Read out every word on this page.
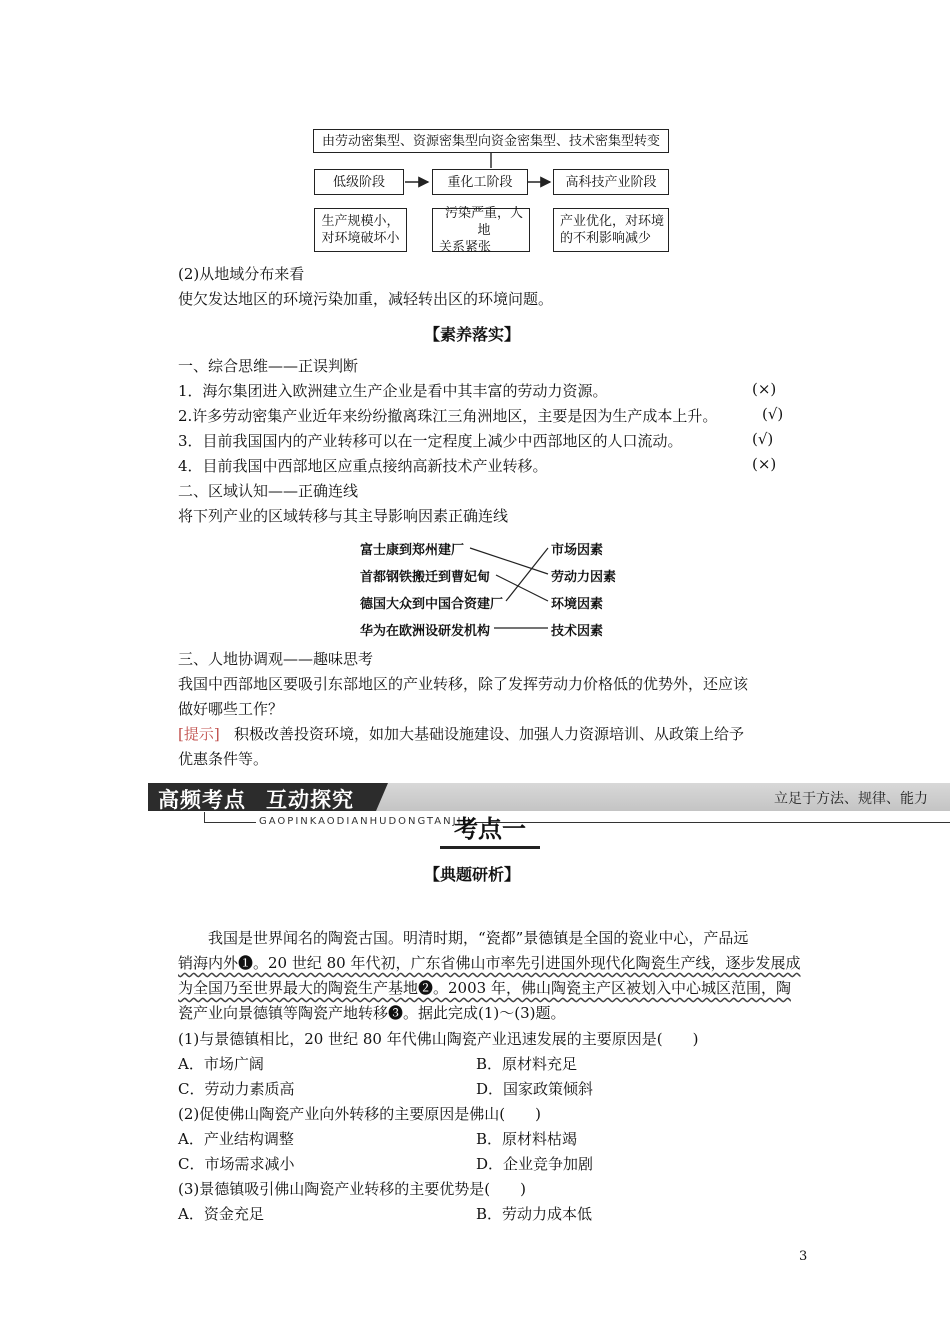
由劳动密集型、资源密集型向资金密集型、技术密集型转变
低级阶段	重化工阶段	高科技产业阶段
生产规模小，
对环境破坏小
污染严重，人地
关系紧张
产业优化，对环境
的不利影响减少
(2)从地域分布来看
使欠发达地区的环境污染加重，减轻转出区的环境问题。
【素养落实】
一、综合思维——正误判断
1．海尔集团进入欧洲建立生产企业是看中其丰富的劳动力资源。	(×)
2.许多劳动密集产业近年来纷纷撤离珠江三角洲地区，主要是因为生产成本上升。	(√)
3．目前我国国内的产业转移可以在一定程度上减少中西部地区的人口流动。	(√)
4．目前我国中西部地区应重点接纳高新技术产业转移。	(×)
二、区域认知——正确连线
将下列产业的区域转移与其主导影响因素正确连线
富士康到郑州建厂
首都钢铁搬迁到曹妃甸
德国大众到中国合资建厂
华为在欧洲设研发机构
市场因素
劳动力因素
环境因素
技术因素
三、人地协调观——趣味思考
我国中西部地区要吸引东部地区的产业转移，除了发挥劳动力价格低的优势外，还应该
做好哪些工作？
[提示] 积极改善投资环境，如加大基础设施建设、加强人力资源培训、从政策上给予
优惠条件等。
高频考点 互动探究	立足于方法、规律、能力
GAOPINKAODIANHUDONGTANJIU
考点一
【典题研析】
我国是世界闻名的陶瓷古国。明清时期，“瓷都”景德镇是全国的瓷业中心，产品远
销海内外❶。20 世纪 80 年代初，广东省佛山市率先引进国外现代化陶瓷生产线，逐步发展成
为全国乃至世界最大的陶瓷生产基地❷。2003 年，佛山陶瓷主产区被划入中心城区范围，陶
瓷产业向景德镇等陶瓷产地转移❸。据此完成(1)～(3)题。
(1)与景德镇相比，20 世纪 80 年代佛山陶瓷产业迅速发展的主要原因是(　　)
A．市场广阔	B．原材料充足
C．劳动力素质高	D．国家政策倾斜
(2)促使佛山陶瓷产业向外转移的主要原因是佛山(　　)
A．产业结构调整	B．原材料枯竭
C．市场需求减小	D．企业竞争加剧
(3)景德镇吸引佛山陶瓷产业转移的主要优势是(　　)
A．资金充足	B．劳动力成本低
3
